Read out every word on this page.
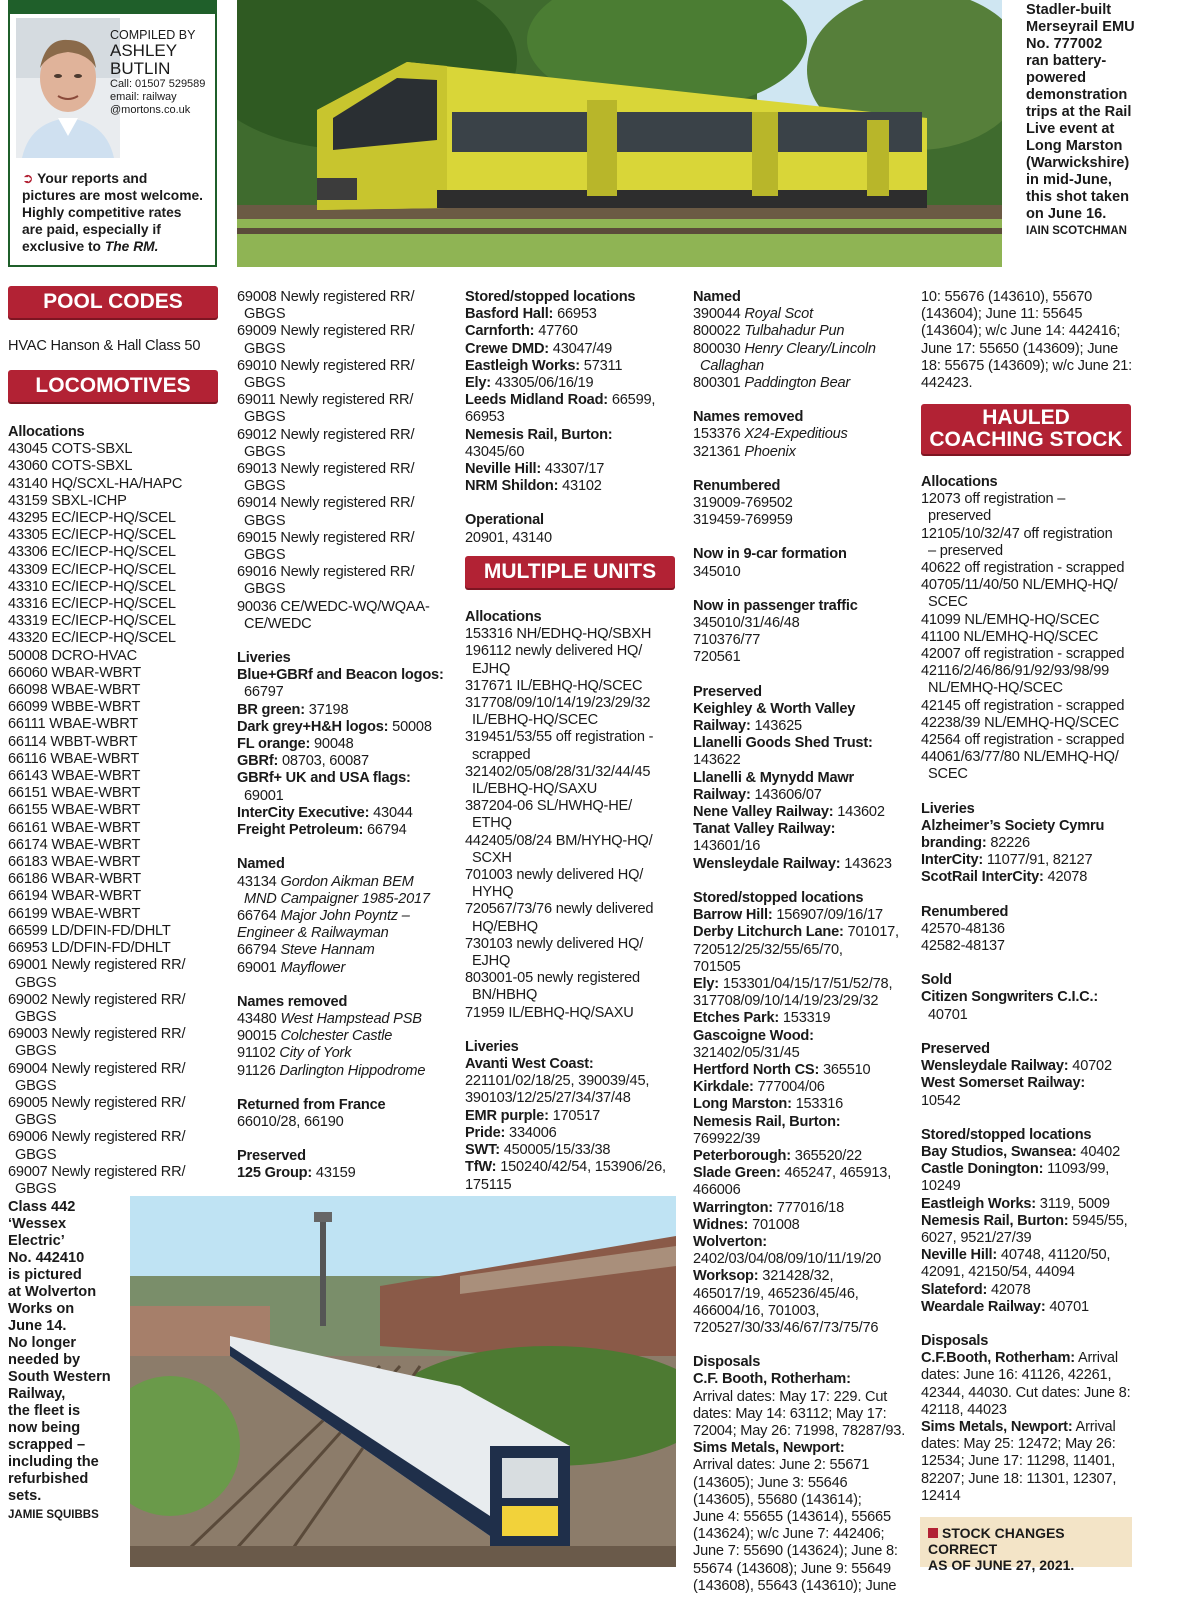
COMPILED BY
ASHLEY
BUTLIN
Call: 01507 529589
email: railway
@mortons.co.uk
➲ Your reports and
pictures are most welcome.
Highly competitive rates
are paid, especially if
exclusive to The RM.
Stadler-built
Merseyrail EMU
No. 777002
ran battery-
powered
demonstration
trips at the Rail
Live event at
Long Marston
(Warwickshire)
in mid-June,
this shot taken
on June 16.
IAIN SCOTCHMAN
POOL CODES
HVAC Hanson & Hall Class 50
LOCOMOTIVES
MULTIPLE UNITS
HAULED
COACHING STOCK
Allocations
43045 COTS-SBXL
43060 COTS-SBXL
43140 HQ/SCXL-HA/HAPC
43159 SBXL-ICHP
43295 EC/IECP-HQ/SCEL
43305 EC/IECP-HQ/SCEL
43306 EC/IECP-HQ/SCEL
43309 EC/IECP-HQ/SCEL
43310 EC/IECP-HQ/SCEL
43316 EC/IECP-HQ/SCEL
43319 EC/IECP-HQ/SCEL
43320 EC/IECP-HQ/SCEL
50008 DCRO-HVAC
66060 WBAR-WBRT
66098 WBAE-WBRT
66099 WBBE-WBRT
66111 WBAE-WBRT
66114 WBBT-WBRT
66116 WBAE-WBRT
66143 WBAE-WBRT
66151 WBAE-WBRT
66155 WBAE-WBRT
66161 WBAE-WBRT
66174 WBAE-WBRT
66183 WBAE-WBRT
66186 WBAR-WBRT
66194 WBAR-WBRT
66199 WBAE-WBRT
66599 LD/DFIN-FD/DHLT
66953 LD/DFIN-FD/DHLT
69001 Newly registered RR/
GBGS
69002 Newly registered RR/
GBGS
69003 Newly registered RR/
GBGS
69004 Newly registered RR/
GBGS
69005 Newly registered RR/
GBGS
69006 Newly registered RR/
GBGS
69007 Newly registered RR/
GBGS
69008 Newly registered RR/
GBGS
69009 Newly registered RR/
GBGS
69010 Newly registered RR/
GBGS
69011 Newly registered RR/
GBGS
69012 Newly registered RR/
GBGS
69013 Newly registered RR/
GBGS
69014 Newly registered RR/
GBGS
69015 Newly registered RR/
GBGS
69016 Newly registered RR/
GBGS
90036 CE/WEDC-WQ/WQAA-
CE/WEDC
Liveries
Blue+GBRf and Beacon logos:
66797
BR green: 37198
Dark grey+H&H logos: 50008
FL orange: 90048
GBRf: 08703, 60087
GBRf+ UK and USA flags:
69001
InterCity Executive: 43044
Freight Petroleum: 66794
Named
43134 Gordon Aikman BEM
MND Campaigner 1985-2017
66764 Major John Poyntz –
Engineer & Railwayman
66794 Steve Hannam
69001 Mayflower
Names removed
43480 West Hampstead PSB
90015 Colchester Castle
91102 City of York
91126 Darlington Hippodrome
Returned from France
66010/28, 66190
Preserved
125 Group: 43159
Stored/stopped locations
Basford Hall: 66953
Carnforth: 47760
Crewe DMD: 43047/49
Eastleigh Works: 57311
Ely: 43305/06/16/19
Leeds Midland Road: 66599,
66953
Nemesis Rail, Burton:
43045/60
Neville Hill: 43307/17
NRM Shildon: 43102
Operational
20901, 43140
Allocations
153316 NH/EDHQ-HQ/SBXH
196112 newly delivered HQ/
EJHQ
317671 IL/EBHQ-HQ/SCEC
317708/09/10/14/19/23/29/32
IL/EBHQ-HQ/SCEC
319451/53/55 off registration -
scrapped
321402/05/08/28/31/32/44/45
IL/EBHQ-HQ/SAXU
387204-06 SL/HWHQ-HE/
ETHQ
442405/08/24 BM/HYHQ-HQ/
SCXH
701003 newly delivered HQ/
HYHQ
720567/73/76 newly delivered
HQ/EBHQ
730103 newly delivered HQ/
EJHQ
803001-05 newly registered
BN/HBHQ
71959 IL/EBHQ-HQ/SAXU
Liveries
Avanti West Coast:
221101/02/18/25, 390039/45,
390103/12/25/27/34/37/48
EMR purple: 170517
Pride: 334006
SWT: 450005/15/33/38
TfW: 150240/42/54, 153906/26,
175115
Named
390044 Royal Scot
800022 Tulbahadur Pun
800030 Henry Cleary/Lincoln
Callaghan
800301 Paddington Bear
Names removed
153376 X24-Expeditious
321361 Phoenix
Renumbered
319009-769502
319459-769959
Now in 9-car formation
345010
Now in passenger traffic
345010/31/46/48
710376/77
720561
Preserved
Keighley & Worth Valley
Railway: 143625
Llanelli Goods Shed Trust:
143622
Llanelli & Mynydd Mawr
Railway: 143606/07
Nene Valley Railway: 143602
Tanat Valley Railway:
143601/16
Wensleydale Railway: 143623
Stored/stopped locations
Barrow Hill: 156907/09/16/17
Derby Litchurch Lane: 701017,
720512/25/32/55/65/70,
701505
Ely: 153301/04/15/17/51/52/78,
317708/09/10/14/19/23/29/32
Etches Park: 153319
Gascoigne Wood:
321402/05/31/45
Hertford North CS: 365510
Kirkdale: 777004/06
Long Marston: 153316
Nemesis Rail, Burton:
769922/39
Peterborough: 365520/22
Slade Green: 465247, 465913,
466006
Warrington: 777016/18
Widnes: 701008
Wolverton:
2402/03/04/08/09/10/11/19/20
Worksop: 321428/32,
465017/19, 465236/45/46,
466004/16, 701003,
720527/30/33/46/67/73/75/76
Disposals
C.F. Booth, Rotherham:
Arrival dates: May 17: 229. Cut
dates: May 14: 63112; May 17:
72004; May 26: 71998, 78287/93.
Sims Metals, Newport:
Arrival dates: June 2: 55671
(143605); June 3: 55646
(143605), 55680 (143614);
June 4: 55655 (143614), 55665
(143624); w/c June 7: 442406;
June 7: 55690 (143624); June 8:
55674 (143608); June 9: 55649
(143608), 55643 (143610); June
10: 55676 (143610), 55670
(143604); June 11: 55645
(143604); w/c June 14: 442416;
June 17: 55650 (143609); June
18: 55675 (143609); w/c June 21:
442423.
Allocations
12073 off registration –
preserved
12105/10/32/47 off registration
– preserved
40622 off registration - scrapped
40705/11/40/50 NL/EMHQ-HQ/
SCEC
41099 NL/EMHQ-HQ/SCEC
41100 NL/EMHQ-HQ/SCEC
42007 off registration - scrapped
42116/2/46/86/91/92/93/98/99
NL/EMHQ-HQ/SCEC
42145 off registration - scrapped
42238/39 NL/EMHQ-HQ/SCEC
42564 off registration - scrapped
44061/63/77/80 NL/EMHQ-HQ/
SCEC
Liveries
Alzheimer’s Society Cymru
branding: 82226
InterCity: 11077/91, 82127
ScotRail InterCity: 42078
Renumbered
42570-48136
42582-48137
Sold
Citizen Songwriters C.I.C.:
40701
Preserved
Wensleydale Railway: 40702
West Somerset Railway:
10542
Stored/stopped locations
Bay Studios, Swansea: 40402
Castle Donington: 11093/99,
10249
Eastleigh Works: 3119, 5009
Nemesis Rail, Burton: 5945/55,
6027, 9521/27/39
Neville Hill: 40748, 41120/50,
42091, 42150/54, 44094
Slateford: 42078
Weardale Railway: 40701
Disposals
C.F.Booth, Rotherham: Arrival
dates: June 16: 41126, 42261,
42344, 44030. Cut dates: June 8:
42118, 44023
Sims Metals, Newport: Arrival
dates: May 25: 12472; May 26:
12534; June 17: 11298, 11401,
82207; June 18: 11301, 12307,
12414
Class 442
‘Wessex
Electric’
No. 442410
is pictured
at Wolverton
Works on
June 14.
No longer
needed by
South Western
Railway,
the fleet is
now being
scrapped –
including the
refurbished
sets.
JAMIE SQUIBBS
STOCK CHANGES CORRECT
AS OF JUNE 27, 2021.
